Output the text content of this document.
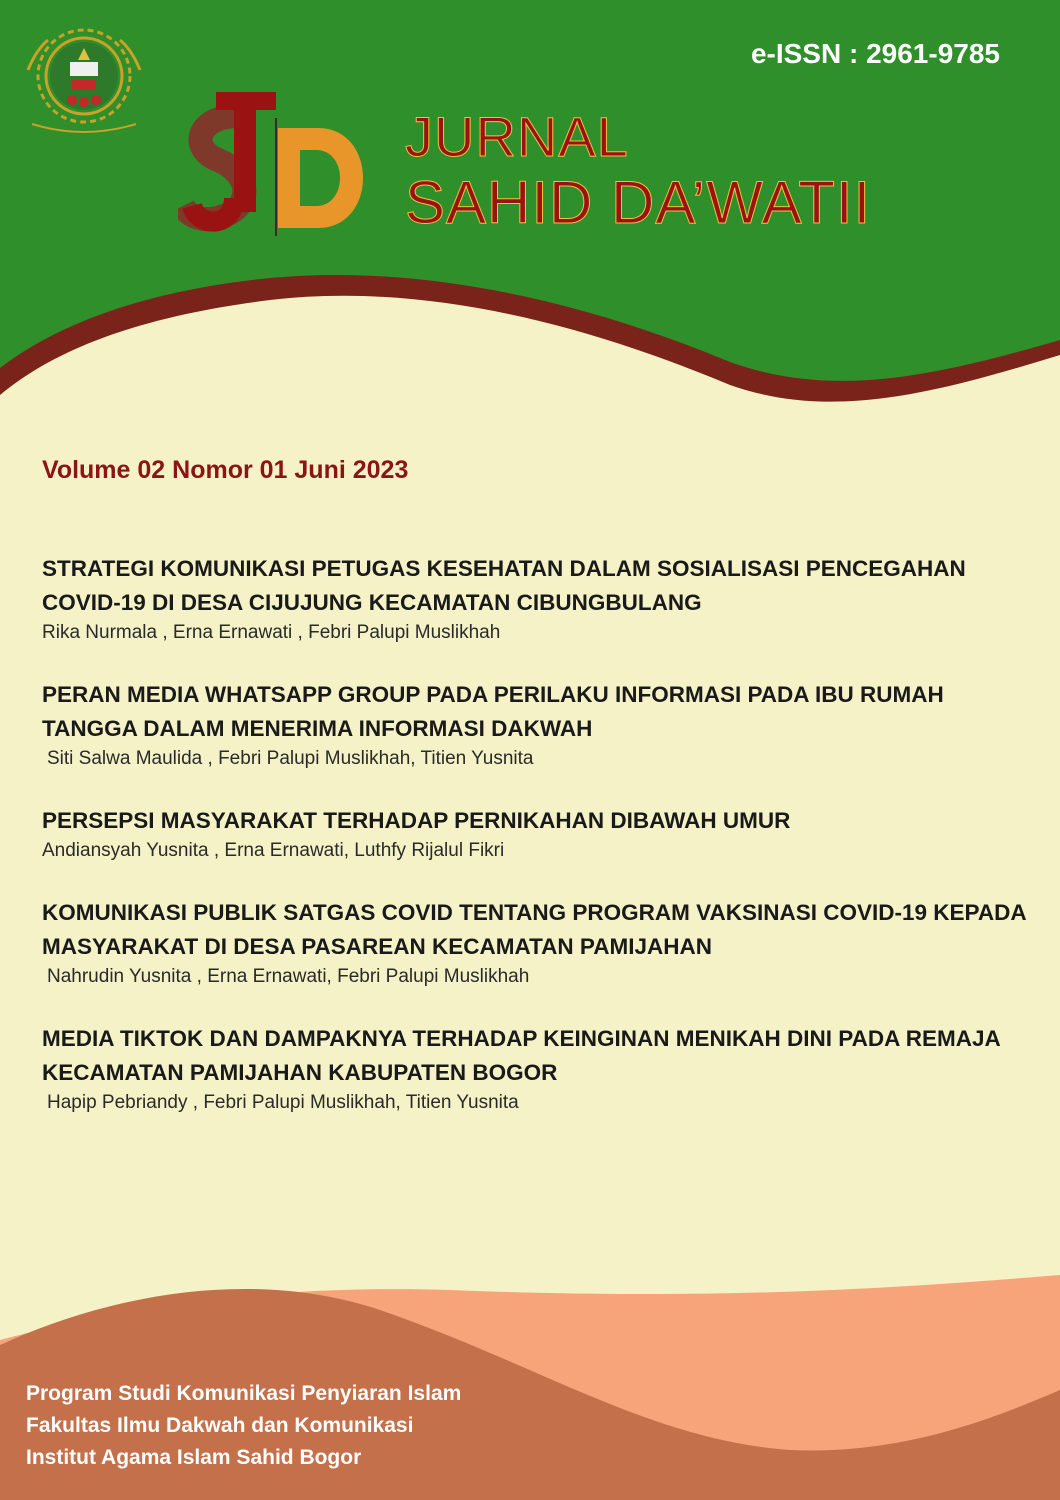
e-ISSN : 2961-9785
JURNAL
SAHID DA’WATII
Volume 02 Nomor 01 Juni 2023
STRATEGI KOMUNIKASI PETUGAS KESEHATAN DALAM SOSIALISASI PENCEGAHAN COVID-19 DI DESA CIJUJUNG KECAMATAN CIBUNGBULANG
Rika Nurmala , Erna Ernawati , Febri Palupi Muslikhah
PERAN MEDIA WHATSAPP GROUP PADA PERILAKU INFORMASI PADA IBU RUMAH TANGGA DALAM MENERIMA INFORMASI DAKWAH
Siti Salwa Maulida , Febri Palupi Muslikhah, Titien Yusnita
PERSEPSI MASYARAKAT TERHADAP PERNIKAHAN DIBAWAH UMUR
Andiansyah Yusnita , Erna Ernawati, Luthfy Rijalul Fikri
KOMUNIKASI PUBLIK SATGAS COVID TENTANG PROGRAM VAKSINASI COVID-19 KEPADA MASYARAKAT DI DESA PASAREAN KECAMATAN PAMIJAHAN
Nahrudin Yusnita , Erna Ernawati, Febri Palupi Muslikhah
MEDIA TIKTOK DAN DAMPAKNYA TERHADAP KEINGINAN MENIKAH DINI PADA REMAJA KECAMATAN PAMIJAHAN KABUPATEN BOGOR
Hapip Pebriandy , Febri Palupi Muslikhah, Titien Yusnita
Program Studi Komunikasi Penyiaran Islam
Fakultas Ilmu Dakwah dan Komunikasi
Institut Agama Islam Sahid Bogor
